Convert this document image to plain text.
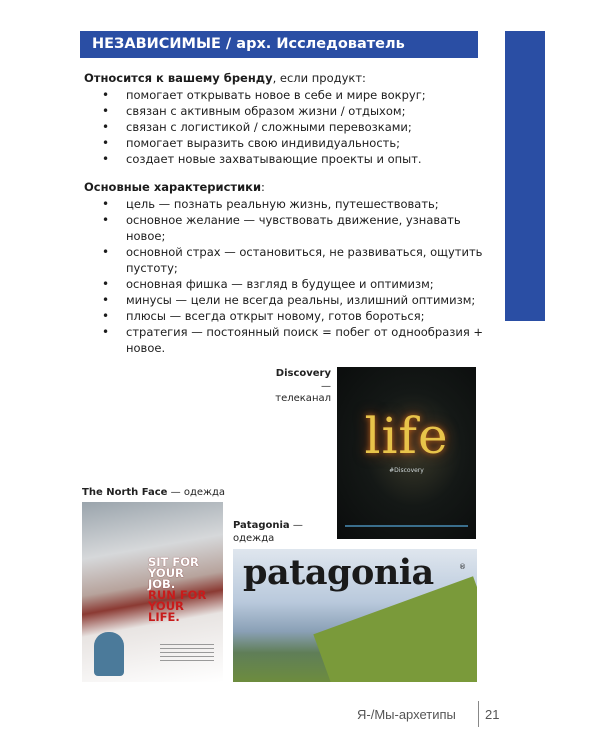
НЕЗАВИСИМЫЕ / арх. Исследователь
Относится к вашему бренду, если продукт:
• помогает открывать новое в себе и мире вокруг;
• связан с активным образом жизни / отдыхом;
• связан с логистикой / сложными перевозками;
• помогает выразить свою индивидуальность;
• создает новые захватывающие проекты и опыт.
Основные характеристики:
• цель — познать реальную жизнь, путешествовать;
• основное желание — чувствовать движение, узнавать новое;
• основной страх — остановиться, не развиваться, ощутить пустоту;
• основная фишка — взгляд в будущее и оптимизм;
• минусы — цели не всегда реальны, излишний оптимизм;
• плюсы — всегда открыт новому, готов бороться;
• стратегия — постоянный поиск = побег от однообразия + новое.
Discovery —
телеканал
life
#Discovery
The North Face — одежда
SIT FOR
YOUR
JOB.
RUN FOR
YOUR
LIFE.
Patagonia —
одежда
patagonia	®
Я-/Мы-архетипы 21
